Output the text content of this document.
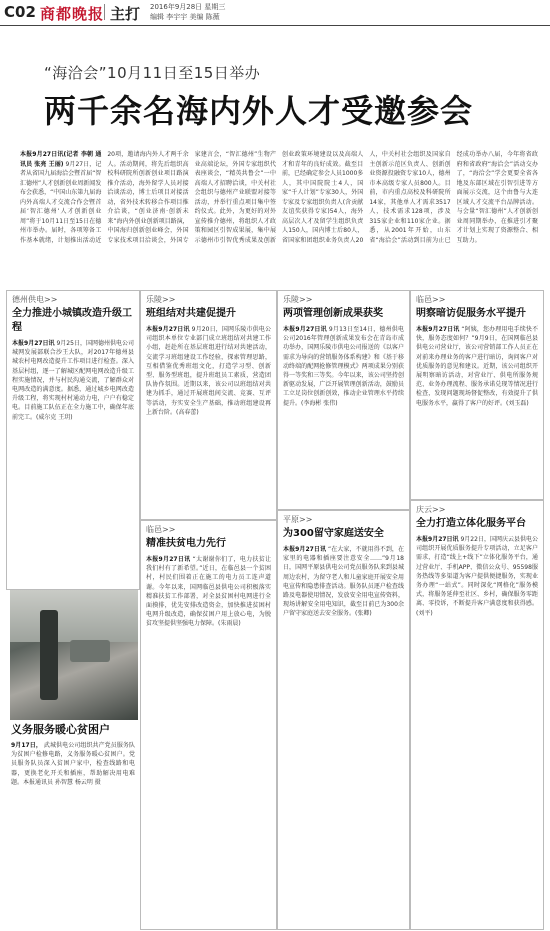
C02 商都晚报 主打 2016年9月28日 星期三
编辑 李宇宇 美编 陈薇
“海洽会”10月11日至15日举办
两千余名海内外人才受邀参会
本报9月27日讯(记者 李朝 通讯员 张亮 王丽) 9月27日，记者从省国九届海洽会暨首届“智汇德州”人才创新创业周新闻发布会获悉，“中国山东第九届海内外高端人才交流合作会暨首届‘智汇德州’人才创新创业周”将于10月11日至15日在德州市举办。届时，各项筹备工作基本就绪，计划推出活动近20项，邀请海内外人才两千余人。活动期间，将先后组织高校科研院所创新创业项目路演推介活动，海外留学人员对接洽谈活动，博士后项目对接活动，省外技术转移合作项目推介洽谈，“创业济南·创新未来”海内外创业创新项目路演，中国海归创新创业峰会，外国专家技术项目洽谈会，外国专家建言会，“智汇德州”生物产业高端论坛，外国专家组织代表座谈会，“精英共鲁会”一中高端人才招聘洽谈，中关村社会组织与德州产业联盟对接等活动，并举行重点项目集中签约仪式。此外，为更好的对外宣传推介德州，将组织人才政策和园区引智成果展，集中展示德州市引智优秀成果及创新创业政策环境建设以及高端人才和青年的良好成效。截至目前，已经确定参会人员1000多人，其中国院院士4人，国家“千人计划”专家30人，外国专家及专家组织负责人(含贡献友谊奖获得专家)54人，海外高层次人才及留学生组织负责人150人，国内博士后80人，省国家和团组织业务负责人20人，中关村社会组织及国家自主创新示范区负责人、创新创业资源投融资专家10人，德州市本高级专家人员800人。目前，市内重点高校及科研院所14家，其他单人才需求3517人，技术需求128项，涉及315家企业和110家企业。据悉，从2001年开始，山东省“海洽会”活动到目前为止已经成功举办八届，今年将省政府和省政府“海洽会”活动交办了，“海洽会”学会更要全省各地及东部区域在引智引进等方面展示交流，这个由鲁与大连区域人才交流平台品牌活动。与会量“智汇德州”人才创新创业周同期举办，在推进引才聚才计划上实现了资源整合、相互助力。
德州供电>>
全力推进小城镇改造升级工程
本报9月27日讯 9月25日，国网德州供电公司城网发展部联合沙王大队，对2017年德州县城农村电网改造提升工作项目进行检查。深入基层村组，逐一了解城区配网电网改造升级工程实施情况，并与村民沟通交流，了解群众对电网改造的满意度。据悉，通过城乡电网改造升级工程，将实现村村通动力电，户户有稳定电。目前施工队伍正在全力施工中，确保年底前完工。(威尔克 王玥)
乐陵>>
班组结对共建促提升
本报9月27日讯 9月20日，国网乐陵市供电公司组织本单位专业部门成立班组结对共建工作小组，赶赴所在基层班组进行结对共建活动，交流学习班组建设工作经验，探索管理思路，互相借鉴优秀班组文化，打造学习型、创新型、服务型班组，提升班组员工素质，营造团队协作氛围。近期以来，该公司以班组结对共建为抓手，通过开展班组间交流、竞赛、互评等活动，夯实安全生产基础，推动班组建设再上新台阶。(高春蕾)
乐陵>>
两项管理创新成果获奖
本报9月27日讯 9月13日至14日，德州供电公司2016年管理创新成果发布会在青岛市成功举办，国网乐陵市供电公司报送的《以客户需求为导向的营销服务体系构建》和《基于移动终端的配网抢修管理模式》两项成果分别获得一等奖和三等奖。今年以来，该公司坚持创新驱动发展，广泛开展管理创新活动，鼓励员工立足岗位创新创效，推动企业管理水平持续提升。(李海彬 张伟)
临邑>>
明察暗访促服务水平提升
本报9月27日讯 “阿姨，您办理用电手续快不快，服务态度如何？”9月9日，在国网临邑县供电公司营业厅，该公司营销部工作人员正在对前来办理业务的客户进行暗访，询问客户对优质服务的意见和建议。近期，该公司组织开展明察暗访活动，对营业厅、供电所服务规范、业务办理流程、服务承诺兑现等情况进行检查，发现问题现场督促整改，有效提升了供电服务水平，赢得了客户的好评。(刘玉磊)
临邑>>
精准扶贫电力先行
本报9月27日讯 “太谢谢你们了，电力扶贫让我们村有了新希望。”近日，在临邑县一个贫困村，村民们围着正在施工的电力员工连声道谢。今年以来，国网临邑县供电公司积极落实精准扶贫工作部署，对全县贫困村电网进行全面摸排，优先安排改造资金，加快推进贫困村电网升级改造，确保贫困户用上放心电，为脱贫攻坚提供坚强电力保障。(朱雨晨)
平原>>
为300留守家庭送安全
本报9月27日讯 “在大家，不就用得不到，在家里的电器和插座要注意安全……”9月18日，国网平原县供电公司党员服务队来到县城周边农村，为留守老人和儿童家庭开展安全用电宣传和隐患排查活动。服务队员逐户检查线路及电器使用情况，发放安全用电宣传资料，现场讲解安全用电知识，截至目前已为300余户留守家庭送去安全服务。(张卿)
庆云>>
全力打造立体化服务平台
本报9月27日讯 9月22日，国网庆云县供电公司组织开展优质服务提升专项活动，立足客户需求，打造“线上+线下”立体化服务平台，通过营业厅、手机APP、微信公众号、95598服务热线等多渠道为客户提供便捷服务，实现业务办理“一站式”。同时深化“网格化”服务模式，将服务延伸至社区、乡村，确保服务零距离、零投诉，不断提升客户满意度和获得感。(刘平)
义务服务暖心贫困户
9月17日， 武城供电公司组织共产党员服务队为贫困户检修电路，义务服务暖心贫困户。党员服务队员深入贫困户家中，检查线路和电器，更换老化开关和插座，帮助解决用电难题。本报通讯员 孙智慧 杨云明 摄
